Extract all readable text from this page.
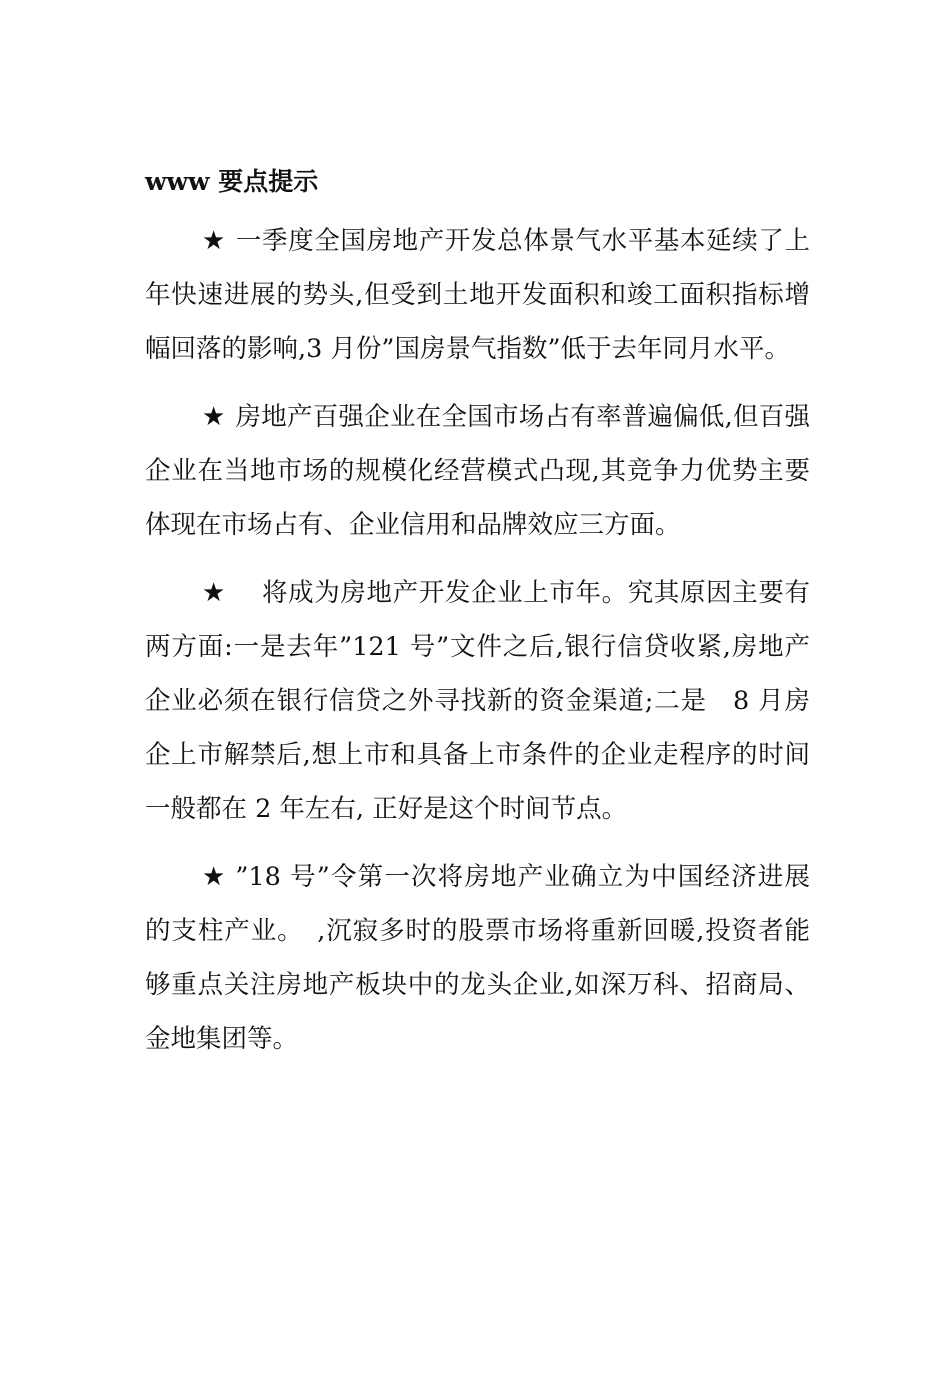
www 要点提示

★ 一季度全国房地产开发总体景气水平基本延续了上年快速进展的势头,但受到土地开发面积和竣工面积指标增幅回落的影响,3 月份”国房景气指数”低于去年同月水平。

★ 房地产百强企业在全国市场占有率普遍偏低,但百强企业在当地市场的规模化经营模式凸现,其竞争力优势主要体现在市场占有、企业信用和品牌效应三方面。

★　将成为房地产开发企业上市年。究其原因主要有两方面:一是去年”121 号”文件之后,银行信贷收紧,房地产企业必须在银行信贷之外寻找新的资金渠道;二是　8 月房企上市解禁后,想上市和具备上市条件的企业走程序的时间一般都在 2 年左右, 正好是这个时间节点。

★ ”18 号”令第一次将房地产业确立为中国经济进展的支柱产业。　,沉寂多时的股票市场将重新回暖,投资者能够重点关注房地产板块中的龙头企业,如深万科、招商局、金地集团等。
